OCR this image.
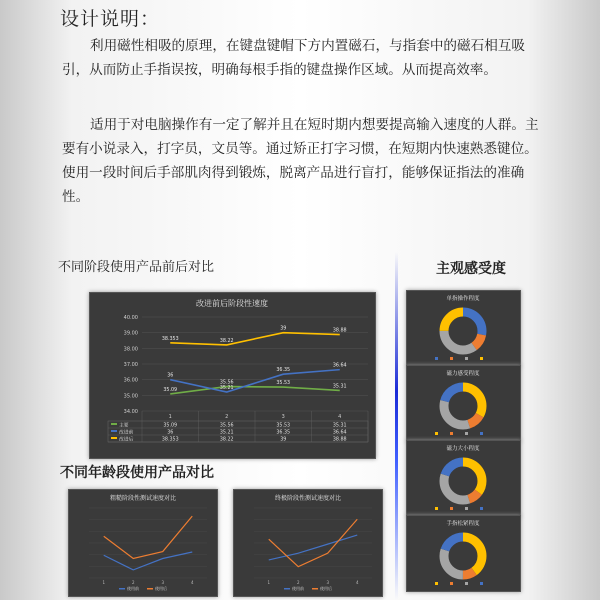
设计说明：
利用磁性相吸的原理，在键盘键帽下方内置磁石，与指套中的磁石相互吸引，从而防止手指误按，明确每根手指的键盘操作区域。从而提高效率。
适用于对电脑操作有一定了解并且在短时期内想要提高输入速度的人群。主要有小说录入，打字员，文员等。通过矫正打字习惯，在短期内快速熟悉键位。使用一段时间后手部肌肉得到锻炼，脱离产品进行盲打，能够保证指法的准确性。
不同阶段使用产品前后对比
不同年龄段使用产品对比
主观感受度
改进前后阶段性速度
34.00
35.00
36.00
37.00
38.00
39.00
40.00
1	2	3	4
35.09
35.56	35.53
35.31
36
35.21
36.35
36.64
38.353	38.22
39	38.88
主要	35.09	35.56	35.53	35.31
改进前	36	35.21	36.35	36.64
改进后	38.353	38.22	39	38.88
粗糙阶段性测试速度对比
1	2	3	4
使用前	使用后
终极阶段性测试速度对比
1	2	3	4
使用前	使用后
单指操作程度
磁力感受程度
磁力大小程度
手指松紧程度
